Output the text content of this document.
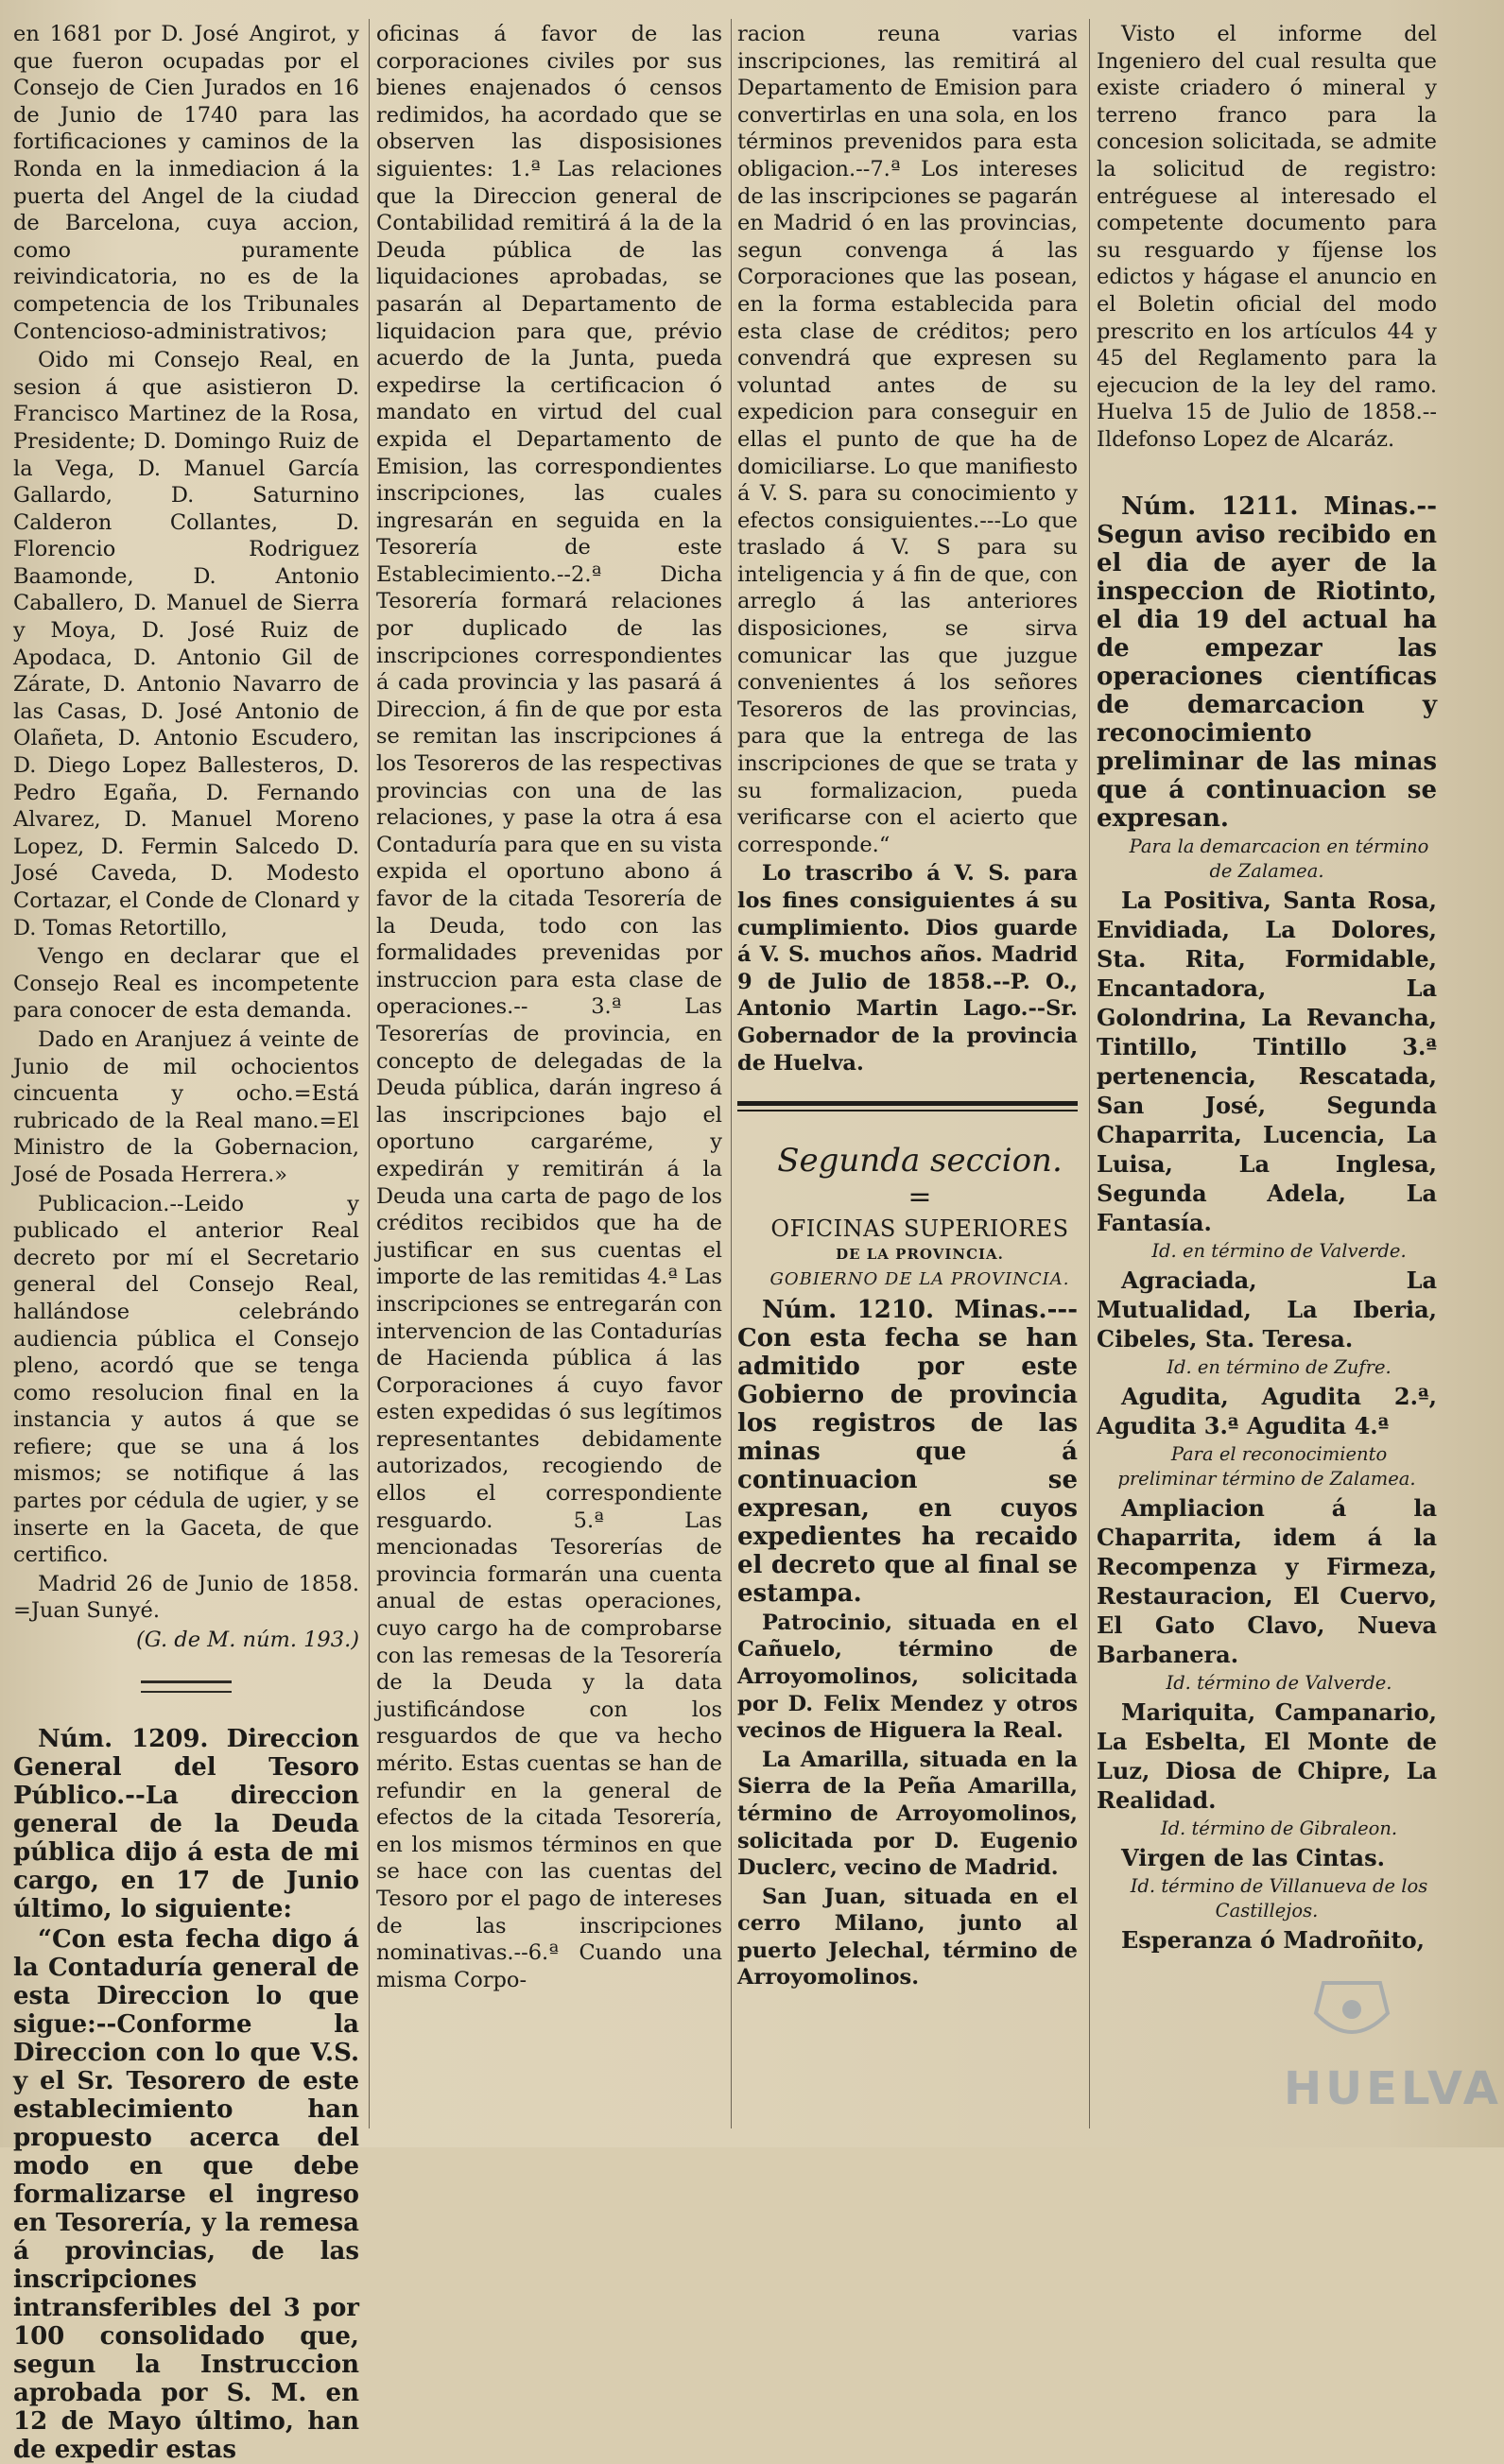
en 1681 por D. José Angirot, y que fueron ocupadas por el Consejo de Cien Jurados en 16 de Junio de 1740 para las fortificaciones y caminos de la Ronda en la inmediacion á la puerta del Angel de la ciudad de Barcelona, cuya accion, como puramente reivindicatoria, no es de la competencia de los Tribunales Contencioso-administrativos;

Oido mi Consejo Real, en sesion á que asistieron D. Francisco Martinez de la Rosa, Presidente; D. Domingo Ruiz de la Vega, D. Manuel García Gallardo, D. Saturnino Calderon Collantes, D. Florencio Rodriguez Baamonde, D. Antonio Caballero, D. Manuel de Sierra y Moya, D. José Ruiz de Apodaca, D. Antonio Gil de Zárate, D. Antonio Navarro de las Casas, D. José Antonio de Olañeta, D. Antonio Escudero, D. Diego Lopez Ballesteros, D. Pedro Egaña, D. Fernando Alvarez, D. Manuel Moreno Lopez, D. Fermin Salcedo D. José Caveda, D. Modesto Cortazar, el Conde de Clonard y D. Tomas Retortillo,

Vengo en declarar que el Consejo Real es incompetente para conocer de esta demanda.

Dado en Aranjuez á veinte de Junio de mil ochocientos cincuenta y ocho.=Está rubricado de la Real mano.=El Ministro de la Gobernacion, José de Posada Herrera.»

Publicacion.--Leido y publicado el anterior Real decreto por mí el Secretario general del Consejo Real, hallándose celebrándo audiencia pública el Consejo pleno, acordó que se tenga como resolucion final en la instancia y autos á que se refiere; que se una á los mismos; se notifique á las partes por cédula de ugier, y se inserte en la Gaceta, de que certifico.

Madrid 26 de Junio de 1858. =Juan Sunyé.

(G. de M. núm. 193.)

Núm. 1209. Direccion General del Tesoro Público.--La direccion general de la Deuda pública dijo á esta de mi cargo, en 17 de Junio último, lo siguiente:

“Con esta fecha digo á la Contaduría general de esta Direccion lo que sigue:--Conforme la Direccion con lo que V.S. y el Sr. Tesorero de este establecimiento han propuesto acerca del modo en que debe formalizarse el ingreso en Tesorería, y la remesa á provincias, de las inscripciones intransferibles del 3 por 100 consolidado que, segun la Instruccion aprobada por S. M. en 12 de Mayo último, han de expedir estas

oficinas á favor de las corporaciones civiles por sus bienes enajenados ó censos redimidos, ha acordado que se observen las disposisiones siguientes: 1.ª Las relaciones que la Direccion general de Contabilidad remitirá á la de la Deuda pública de las liquidaciones aprobadas, se pasarán al Departamento de liquidacion para que, prévio acuerdo de la Junta, pueda expedirse la certificacion ó mandato en virtud del cual expida el Departamento de Emision, las correspondientes inscripciones, las cuales ingresarán en seguida en la Tesorería de este Establecimiento.--2.ª Dicha Tesorería formará relaciones por duplicado de las inscripciones correspondientes á cada provincia y las pasará á Direccion, á fin de que por esta se remitan las inscripciones á los Tesoreros de las respectivas provincias con una de las relaciones, y pase la otra á esa Contaduría para que en su vista expida el oportuno abono á favor de la citada Tesorería de la Deuda, todo con las formalidades prevenidas por instruccion para esta clase de operaciones.-- 3.ª Las Tesorerías de provincia, en concepto de delegadas de la Deuda pública, darán ingreso á las inscripciones bajo el oportuno cargaréme, y expedirán y remitirán á la Deuda una carta de pago de los créditos recibidos que ha de justificar en sus cuentas el importe de las remitidas 4.ª Las inscripciones se entregarán con intervencion de las Contadurías de Hacienda pública á las Corporaciones á cuyo favor esten expedidas ó sus legítimos representantes debidamente autorizados, recogiendo de ellos el correspondiente resguardo. 5.ª Las mencionadas Tesorerías de provincia formarán una cuenta anual de estas operaciones, cuyo cargo ha de comprobarse con las remesas de la Tesorería de la Deuda y la data justificándose con los resguardos de que va hecho mérito. Estas cuentas se han de refundir en la general de efectos de la citada Tesorería, en los mismos términos en que se hace con las cuentas del Tesoro por el pago de intereses de las inscripciones nominativas.--6.ª Cuando una misma Corpo-

racion reuna varias inscripciones, las remitirá al Departamento de Emision para convertirlas en una sola, en los términos prevenidos para esta obligacion.--7.ª Los intereses de las inscripciones se pagarán en Madrid ó en las provincias, segun convenga á las Corporaciones que las posean, en la forma establecida para esta clase de créditos; pero convendrá que expresen su voluntad antes de su expedicion para conseguir en ellas el punto de que ha de domiciliarse. Lo que manifiesto á V. S. para su conocimiento y efectos consiguientes.---Lo que traslado á V. S para su inteligencia y á fin de que, con arreglo á las anteriores disposiciones, se sirva comunicar las que juzgue convenientes á los señores Tesoreros de las provincias, para que la entrega de las inscripciones de que se trata y su formalizacion, pueda verificarse con el acierto que corresponde.“

Lo trascribo á V. S. para los fines consiguientes á su cumplimiento. Dios guarde á V. S. muchos años. Madrid 9 de Julio de 1858.--P. O., Antonio Martin Lago.--Sr. Gobernador de la provincia de Huelva.

Segunda seccion.

=

OFICINAS SUPERIORES

DE LA PROVINCIA.

GOBIERNO DE LA PROVINCIA.

Núm. 1210. Minas.---Con esta fecha se han admitido por este Gobierno de provincia los registros de las minas que á continuacion se expresan, en cuyos expedientes ha recaido el decreto que al final se estampa.

Patrocinio, situada en el Cañuelo, término de Arroyomolinos, solicitada por D. Felix Mendez y otros vecinos de Higuera la Real.

La Amarilla, situada en la Sierra de la Peña Amarilla, término de Arroyomolinos, solicitada por D. Eugenio Duclerc, vecino de Madrid.

San Juan, situada en el cerro Milano, junto al puerto Jelechal, término de Arroyomolinos.

Visto el informe del Ingeniero del cual resulta que existe criadero ó mineral y terreno franco para la concesion solicitada, se admite la solicitud de registro: entréguese al interesado el competente documento para su resguardo y fíjense los edictos y hágase el anuncio en el Boletin oficial del modo prescrito en los artículos 44 y 45 del Reglamento para la ejecucion de la ley del ramo. Huelva 15 de Julio de 1858.--Ildefonso Lopez de Alcaráz.

Núm. 1211. Minas.--Segun aviso recibido en el dia de ayer de la inspeccion de Riotinto, el dia 19 del actual ha de empezar las operaciones científicas de demarcacion y reconocimiento preliminar de las minas que á continuacion se expresan.

Para la demarcacion en término de Zalamea.

La Positiva, Santa Rosa, Envidiada, La Dolores, Sta. Rita, Formidable, Encantadora, La Golondrina, La Revancha, Tintillo, Tintillo 3.ª pertenencia, Rescatada, San José, Segunda Chaparrita, Lucencia, La Luisa, La Inglesa, Segunda Adela, La Fantasía.

Id. en término de Valverde.

Agraciada, La Mutualidad, La Iberia, Cibeles, Sta. Teresa.

Id. en término de Zufre.

Agudita, Agudita 2.ª, Agudita 3.ª Agudita 4.ª

Para el reconocimiento preliminar término de Zalamea.

Ampliacion á la Chaparrita, idem á la Recompenza y Firmeza, Restauracion, El Cuervo, El Gato Clavo, Nueva Barbanera.

Id. término de Valverde.

Mariquita, Campanario, La Esbelta, El Monte de Luz, Diosa de Chipre, La Realidad.

Id. término de Gibraleon.

Virgen de las Cintas.

Id. término de Villanueva de los Castillejos.

Esperanza ó Madroñito,

HUELVA
